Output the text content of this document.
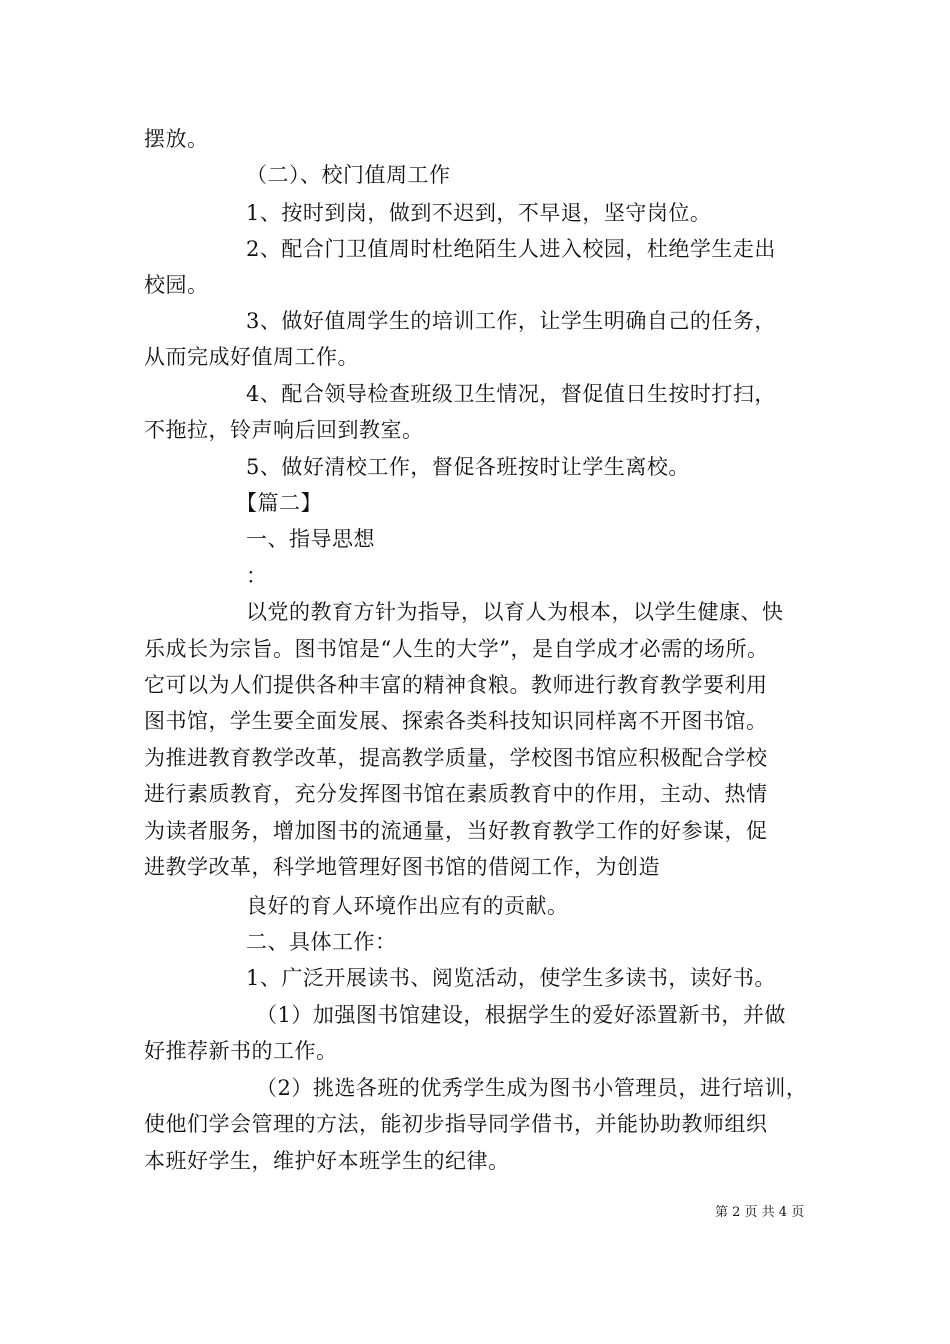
摆放。
（二）、校门值周工作
1、按时到岗，做到不迟到，不早退，坚守岗位。
2、配合门卫值周时杜绝陌生人进入校园，杜绝学生走出
校园。
3、做好值周学生的培训工作，让学生明确自己的任务，
从而完成好值周工作。
4、配合领导检查班级卫生情况，督促值日生按时打扫，
不拖拉，铃声响后回到教室。
5、做好清校工作，督促各班按时让学生离校。
【篇二】
一、指导思想
：
以党的教育方针为指导，以育人为根本，以学生健康、快
乐成长为宗旨。图书馆是“人生的大学”，是自学成才必需的场所。
它可以为人们提供各种丰富的精神食粮。教师进行教育教学要利用
图书馆，学生要全面发展、探索各类科技知识同样离不开图书馆。
为推进教育教学改革，提高教学质量，学校图书馆应积极配合学校
进行素质教育，充分发挥图书馆在素质教育中的作用，主动、热情
为读者服务，增加图书的流通量，当好教育教学工作的好参谋，促
进教学改革，科学地管理好图书馆的借阅工作，为创造
良好的育人环境作出应有的贡献。
二、具体工作：
1、广泛开展读书、阅览活动，使学生多读书，读好书。
（1）加强图书馆建设，根据学生的爱好添置新书，并做
好推荐新书的工作。
（2）挑选各班的优秀学生成为图书小管理员，进行培训，
使他们学会管理的方法，能初步指导同学借书，并能协助教师组织
本班好学生，维护好本班学生的纪律。
第 2 页 共 4 页
